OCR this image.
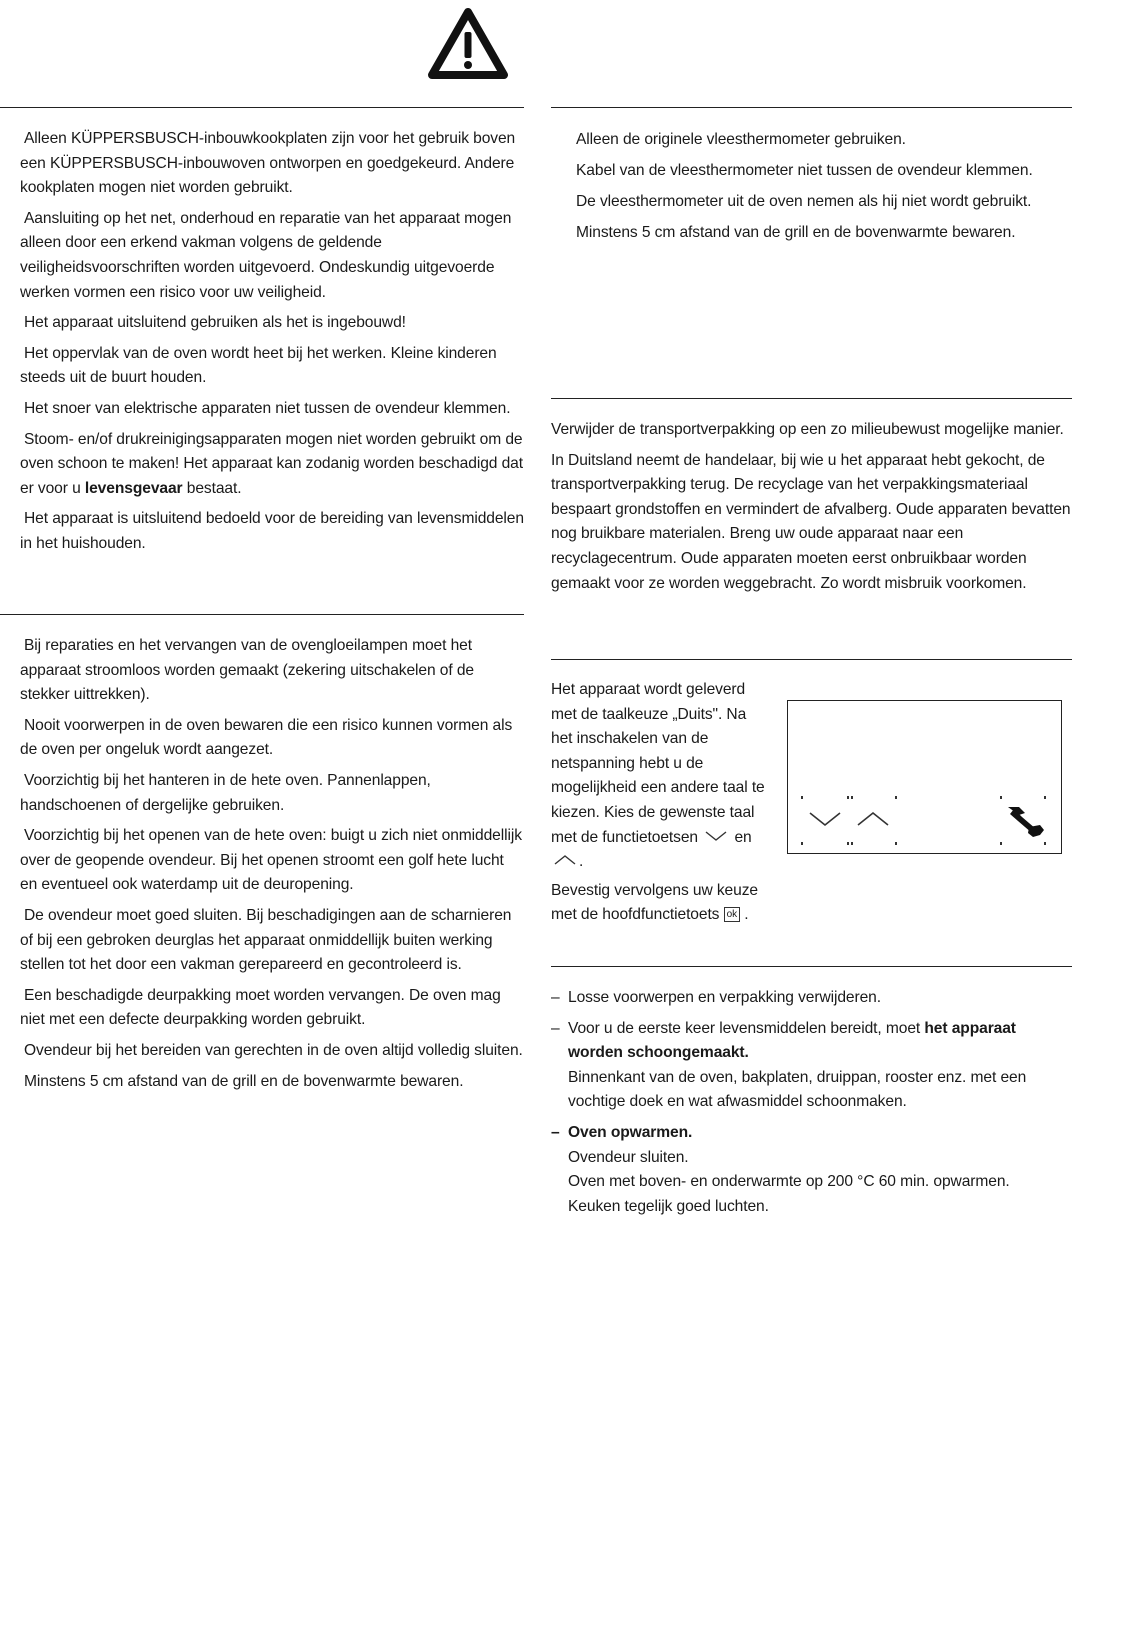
Alleen KÜPPERSBUSCH-inbouwkookplaten zijn voor het gebruik boven een KÜPPERSBUSCH-inbouwoven ontworpen en goedgekeurd. Andere kookplaten mogen niet worden gebruikt.

Aansluiting op het net, onderhoud en reparatie van het apparaat mogen alleen door een erkend vakman volgens de geldende veiligheidsvoorschriften worden uitgevoerd. Ondeskundig uitgevoerde werken vormen een risico voor uw veiligheid.

Het apparaat uitsluitend gebruiken als het is ingebouwd!

Het oppervlak van de oven wordt heet bij het werken. Kleine kinderen steeds uit de buurt houden.

Het snoer van elektrische apparaten niet tussen de ovendeur klemmen.

Stoom- en/of drukreinigingsapparaten mogen niet worden gebruikt om de oven schoon te maken! Het apparaat kan zodanig worden beschadigd dat er voor u levensgevaar bestaat.

Het apparaat is uitsluitend bedoeld voor de bereiding van levensmiddelen in het huishouden.

Bij reparaties en het vervangen van de ovengloeilampen moet het apparaat stroomloos worden gemaakt (zekering uitschakelen of de stekker uittrekken).

Nooit voorwerpen in de oven bewaren die een risico kunnen vormen als de oven per ongeluk wordt aangezet.

Voorzichtig bij het hanteren in de hete oven. Pannenlappen, handschoenen of dergelijke gebruiken.

Voorzichtig bij het openen van de hete oven: buigt u zich niet onmiddellijk over de geopende ovendeur. Bij het openen stroomt een golf hete lucht en eventueel ook waterdamp uit de deuropening.

De ovendeur moet goed sluiten. Bij beschadigingen aan de scharnieren of bij een gebroken deurglas het apparaat onmiddellijk buiten werking stellen tot het door een vakman gerepareerd en gecontroleerd is.

Een beschadigde deurpakking moet worden vervangen. De oven mag niet met een defecte deurpakking worden gebruikt.

Ovendeur bij het bereiden van gerechten in de oven altijd volledig sluiten.

Minstens 5 cm afstand van de grill en de bovenwarmte bewaren.

Alleen de originele vleesthermometer gebruiken.

Kabel van de vleesthermometer niet tussen de ovendeur klemmen.

De vleesthermometer uit de oven nemen als hij niet wordt gebruikt.

Minstens 5 cm afstand van de grill en de bovenwarmte bewaren.

Verwijder de transportverpakking op een zo milieubewust mogelijke manier.

In Duitsland neemt de handelaar, bij wie u het apparaat hebt gekocht, de transportverpakking terug. De recyclage van het verpakkingsmateriaal bespaart grondstoffen en vermindert de afvalberg. Oude apparaten bevatten nog bruikbare materialen. Breng uw oude apparaat naar een recyclagecentrum. Oude apparaten moeten eerst onbruikbaar worden gemaakt voor ze worden weggebracht. Zo wordt misbruik voorkomen.

Het apparaat wordt geleverd met de taalkeuze „Duits". Na het inschakelen van de netspanning hebt u de mogelijkheid een andere taal te kiezen. Kies de gewenste taal met de functietoetsen en .

Bevestig vervolgens uw keuze met de hoofdfunctietoets ok .

– Losse voorwerpen en verpakking verwijderen.
– Voor u de eerste keer levensmiddelen bereidt, moet het apparaat worden schoongemaakt.
Binnenkant van de oven, bakplaten, druippan, rooster enz. met een vochtige doek en wat afwasmiddel schoonmaken.
– Oven opwarmen.
Ovendeur sluiten.
Oven met boven- en onderwarmte op 200 °C 60 min. opwarmen.
Keuken tegelijk goed luchten.
